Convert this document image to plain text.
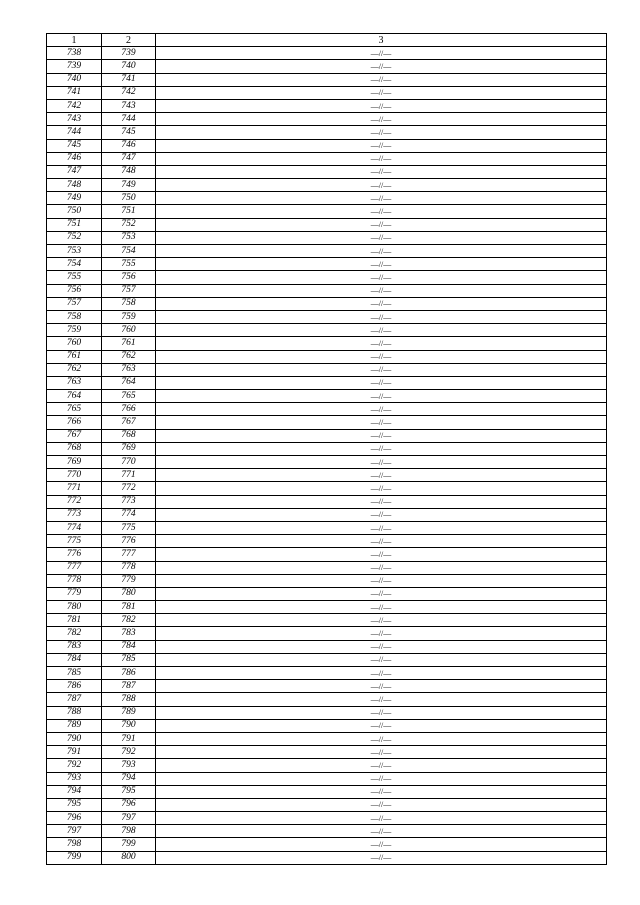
1	2	3
738	739	—//—
739	740	—//—
740	741	—//—
741	742	—//—
742	743	—//—
743	744	—//—
744	745	—//—
745	746	—//—
746	747	—//—
747	748	—//—
748	749	—//—
749	750	—//—
750	751	—//—
751	752	—//—
752	753	—//—
753	754	—//—
754	755	—//—
755	756	—//—
756	757	—//—
757	758	—//—
758	759	—//—
759	760	—//—
760	761	—//—
761	762	—//—
762	763	—//—
763	764	—//—
764	765	—//—
765	766	—//—
766	767	—//—
767	768	—//—
768	769	—//—
769	770	—//—
770	771	—//—
771	772	—//—
772	773	—//—
773	774	—//—
774	775	—//—
775	776	—//—
776	777	—//—
777	778	—//—
778	779	—//—
779	780	—//—
780	781	—//—
781	782	—//—
782	783	—//—
783	784	—//—
784	785	—//—
785	786	—//—
786	787	—//—
787	788	—//—
788	789	—//—
789	790	—//—
790	791	—//—
791	792	—//—
792	793	—//—
793	794	—//—
794	795	—//—
795	796	—//—
796	797	—//—
797	798	—//—
798	799	—//—
799	800	—//—
